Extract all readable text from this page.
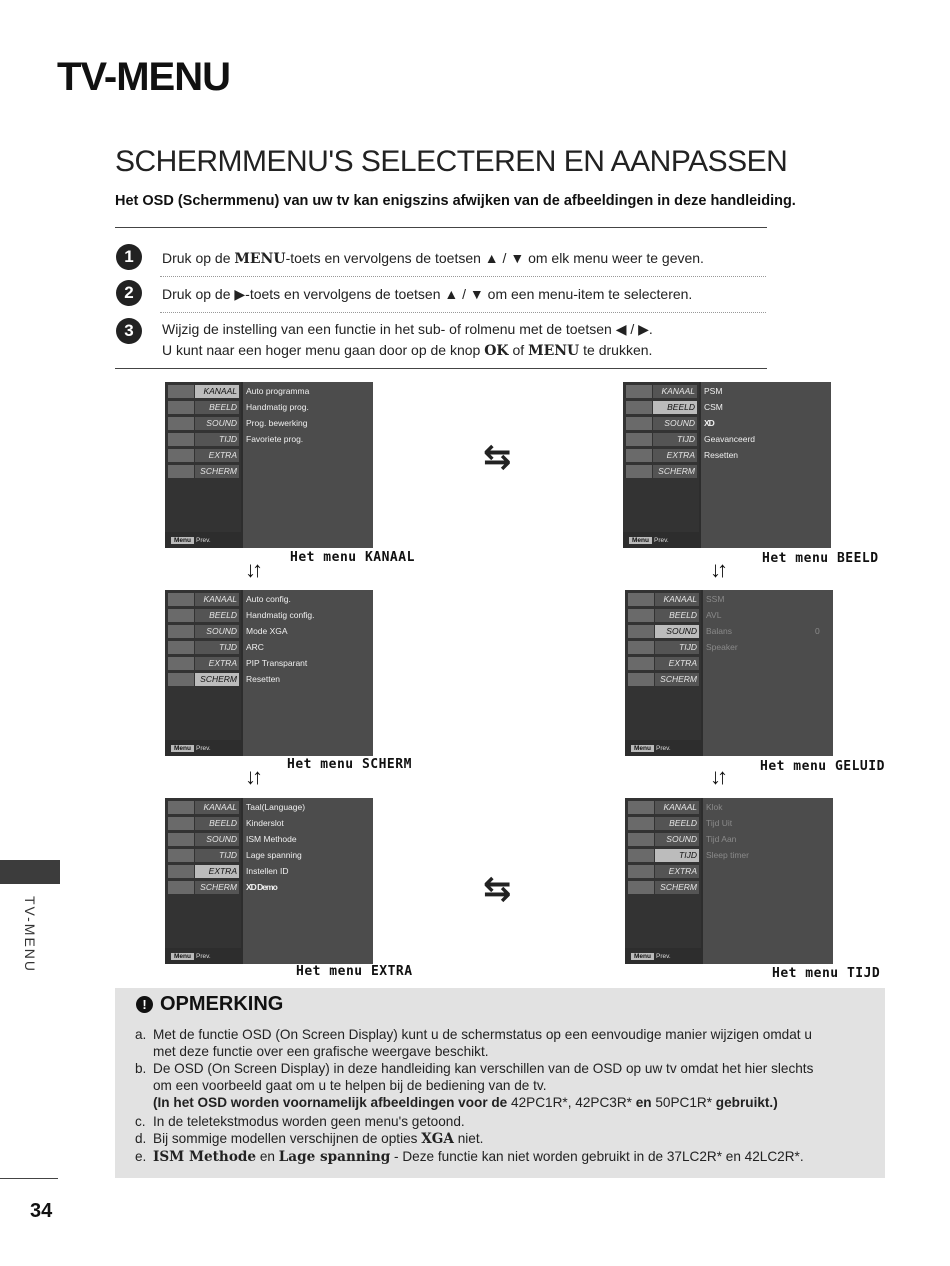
TV-MENU
SCHERMMENU'S SELECTEREN EN AANPASSEN
Het OSD (Schermmenu) van uw tv kan enigszins afwijken van de afbeeldingen in deze handleiding.
1	Druk op de MENU-toets en vervolgens de toetsen ▲ / ▼ om elk menu weer te geven.
2	Druk op de ▶-toets en vervolgens de toetsen ▲ / ▼ om een menu-item te selecteren.
3	Wijzig de instelling van een functie in het sub- of rolmenu met de toetsen ◀ / ▶.
U kunt naar een hoger menu gaan door op de knop OK of MENU te drukken.
KANAAL
BEELD
SOUND
TIJD
EXTRA
SCHERM
Auto programma
Handmatig prog.
Prog. bewerking
Favoriete prog.
Menu Prev.
KANAAL
BEELD
SOUND
TIJD
EXTRA
SCHERM
PSM
CSM
XD
Geavanceerd
Resetten
Menu Prev.
KANAAL
BEELD
SOUND
TIJD
EXTRA
SCHERM
Auto config.
Handmatig config.
Mode XGA
ARC
PIP Transparant
Resetten
Menu Prev.
KANAAL
BEELD
SOUND
TIJD
EXTRA
SCHERM
SSM
AVL
Balans
Speaker
0
Menu Prev.
KANAAL
BEELD
SOUND
TIJD
EXTRA
SCHERM
Taal(Language)
Kinderslot
ISM Methode
Lage spanning
Instellen ID
XD Demo
Menu Prev.
KANAAL
BEELD
SOUND
TIJD
EXTRA
SCHERM
Klok
Tijd Uit
Tijd Aan
Sleep timer
Menu Prev.
Het menu KANAAL	Het menu BEELD
Het menu SCHERM	Het menu GELUID
Het menu EXTRA	Het menu TIJD
↓↑	↓↑
↓↑	↓↑
⇆
⇆
! OPMERKING
a. Met de functie OSD (On Screen Display) kunt u de schermstatus op een eenvoudige manier wijzigen omdat u
met deze functie over een grafische weergave beschikt.
b. De OSD (On Screen Display) in deze handleiding kan verschillen van de OSD op uw tv omdat het hier slechts
om een voorbeeld gaat om u te helpen bij de bediening van de tv.
(In het OSD worden voornamelijk afbeeldingen voor de 42PC1R*, 42PC3R* en 50PC1R* gebruikt.)
c. In de teletekstmodus worden geen menu's getoond.
d. Bij sommige modellen verschijnen de opties XGA niet.
e. ISM Methode en Lage spanning - Deze functie kan niet worden gebruikt in de 37LC2R* en 42LC2R*.
TV-MENU
34
